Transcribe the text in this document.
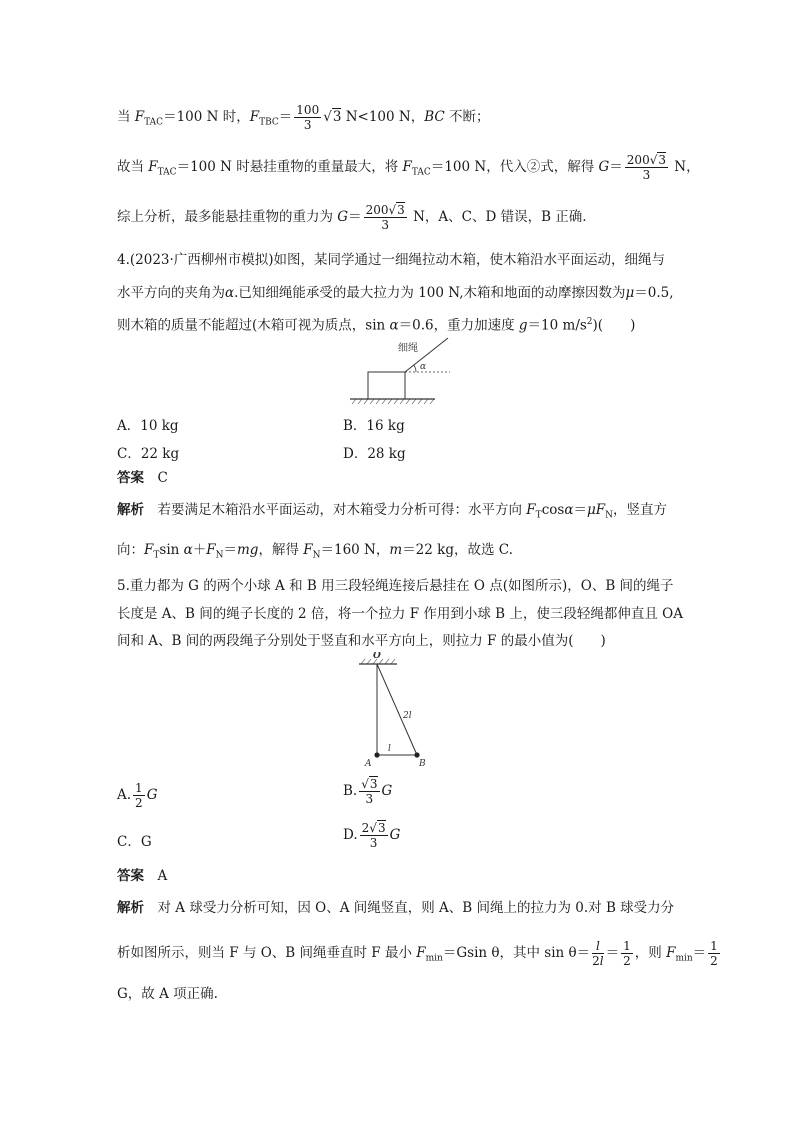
当 $F_{TAC}=100$ N 时，$F_{TBC}= \frac{100}{3} √3$ N<100 N，BC 不断；
故当 $F_{TAC}=100$ N 时悬挂重物的重量最大，将 $F_{TAC}=100$ N，代入②式，解得 $G= \frac{200√3}{3}$ N，
综上分析，最多能悬挂重物的重力为 $G= \frac{200√3}{3}$ N，A、C、D 错误，B 正确.
4.(2023·广西柳州市模拟)如图，某同学通过一细绳拉动木箱，使木箱沿水平面运动，细绳与
水平方向的夹角为α.已知细绳能承受的最大拉力为 100 N,木箱和地面的动摩擦因数为μ＝0.5,
则木箱的质量不能超过(木箱可视为质点，sin α＝0.6，重力加速度 g＝10 $m/s^2$)(　　)
细绳
α
A．10 kg	B．16 kg
C．22 kg	D．28 kg
答案　 C
解析　 若要满足木箱沿水平面运动，对木箱受力分析可得：水平方向 $F_T\cos\alpha=\mu F_N$，竖直方
向：$F_T\sin$ $\alpha+F_N=mg$，解得 $F_N=160$ N，m＝22 kg，故选 C.
5.重力都为 G 的两个小球 A 和 B 用三段轻绳连接后悬挂在 O 点(如图所示)，O、B 间的绳子
长度是 A、B 间的绳子长度的 2 倍，将一个拉力 F 作用到小球 B 上，使三段轻绳都伸直且 OA
间和 A、B 间的两段绳子分别处于竖直和水平方向上，则拉力 F 的最小值为(　　)
O
2l
l
A	B
A. $\frac{1}{2}$ G	B. $\frac{√3}{3}$ G
C．G	D. $\frac{2√3}{3}$ G
答案　 A
解析　 对 A 球受力分析可知，因 O、A 间绳竖直，则 A、B 间绳上的拉力为 0.对 B 球受力分
析如图所示，则当 F 与 O、B 间绳垂直时 F 最小 $F_{min}=Gsin$ θ，其中 $\sin \theta= \frac{l}{2l} = \frac{1}{2}$ ，则 $F_{min}= \frac{1}{2}$
G，故 A 项正确.
